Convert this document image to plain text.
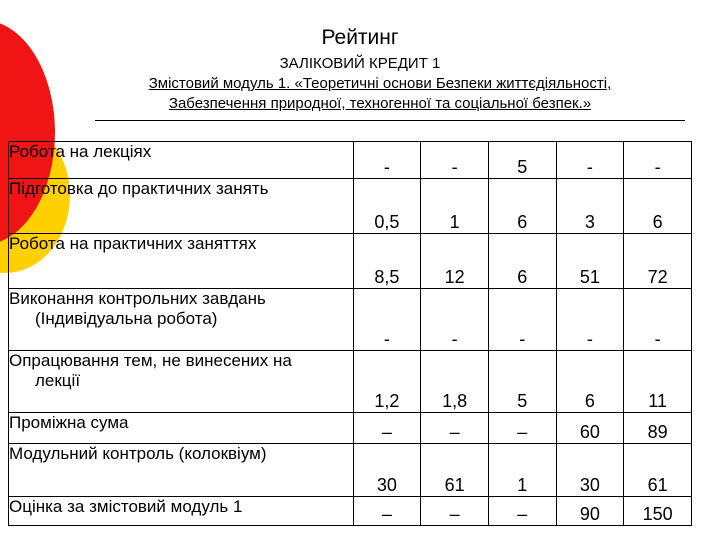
Рейтинг
ЗАЛІКОВИЙ КРЕДИТ 1
Змістовий модуль 1. «Теоретичні основи Безпеки життєдіяльності,
Забезпечення природної, техногенної та соціальної безпек.»
Робота на лекціях	-	-	5	-	-
Підготовка до практичних занять	0,5	1	6	3	6
Робота на практичних заняттях	8,5	12	6	51	72
Виконання контрольних завдань
(Індивідуальна робота)	-	-	-	-	-
Опрацювання тем, не винесених на
лекції	1,2	1,8	5	6	11
Проміжна сума	–	–	–	60	89
Модульний контроль (колоквіум)	30	61	1	30	61
Оцінка за змістовий модуль 1	–	–	–	90	150
